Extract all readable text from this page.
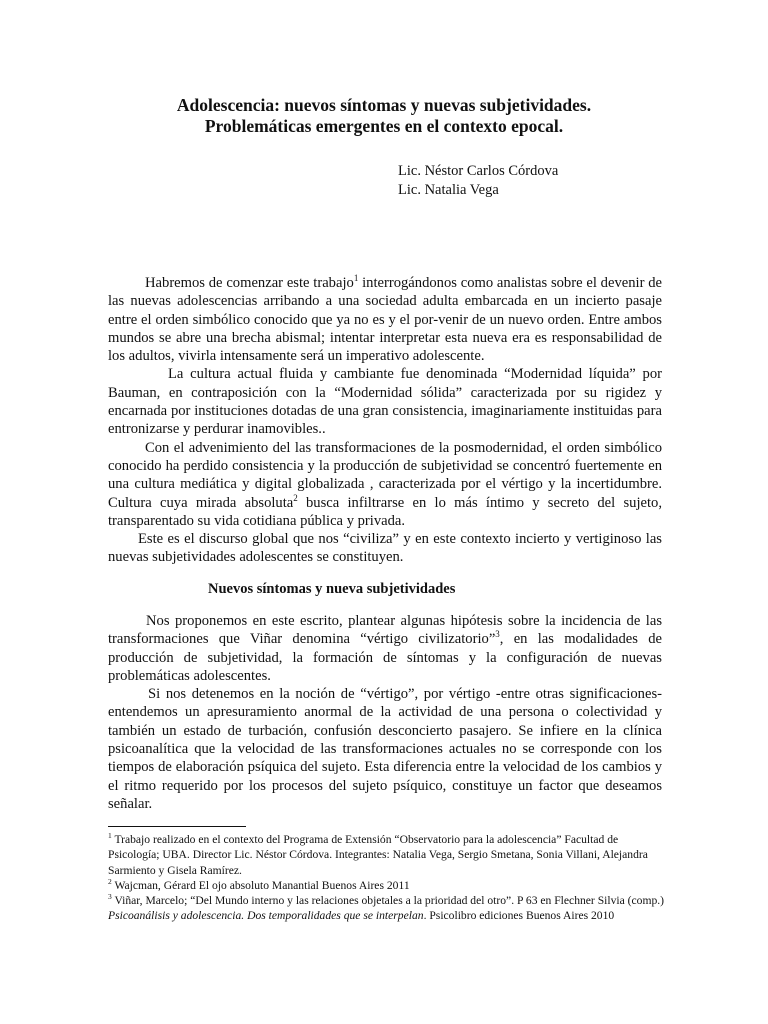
Adolescencia: nuevos síntomas y nuevas subjetividades.
Problemáticas emergentes en el contexto epocal.
Lic. Néstor Carlos Córdova
Lic. Natalia Vega

Habremos de comenzar este trabajo$^1$ interrogándonos como analistas sobre el devenir de las nuevas adolescencias arribando a una sociedad adulta embarcada en un incierto pasaje entre el orden simbólico conocido que ya no es y el por-venir de un nuevo orden. Entre ambos mundos se abre una brecha abismal; intentar interpretar esta nueva era es responsabilidad de los adultos, vivirla intensamente será un imperativo adolescente.

La cultura actual fluida y cambiante fue denominada “Modernidad líquida” por Bauman, en contraposición con la “Modernidad sólida” caracterizada por su rigidez y encarnada por instituciones dotadas de una gran consistencia, imaginariamente instituidas para entronizarse y perdurar inamovibles..

Con el advenimiento del las transformaciones de la posmodernidad, el orden simbólico conocido ha perdido consistencia y la producción de subjetividad se concentró fuertemente en una cultura mediática y digital globalizada , caracterizada por el vértigo y la incertidumbre. Cultura cuya mirada absoluta$^2$ busca infiltrarse en lo más íntimo y secreto del sujeto, transparentado su vida cotidiana pública y privada.

Este es el discurso global que nos “civiliza” y en este contexto incierto y vertiginoso las nuevas subjetividades adolescentes se constituyen.

Nuevos síntomas y nueva subjetividades

Nos proponemos en este escrito, plantear algunas hipótesis sobre la incidencia de las transformaciones que Viñar denomina “vértigo civilizatorio”$^3$, en las modalidades de producción de subjetividad, la formación de síntomas y la configuración de nuevas problemáticas adolescentes.

Si nos detenemos en la noción de “vértigo”, por vértigo -entre otras significaciones- entendemos un apresuramiento anormal de la actividad de una persona o colectividad y también un estado de turbación, confusión desconcierto pasajero. Se infiere en la clínica psicoanalítica que la velocidad de las transformaciones actuales no se corresponde con los tiempos de elaboración psíquica del sujeto. Esta diferencia entre la velocidad de los cambios y el ritmo requerido por los procesos del sujeto psíquico, constituye un factor que deseamos señalar.

$^1$ Trabajo realizado en el contexto del Programa de Extensión “Observatorio para la adolescencia” Facultad de Psicología; UBA. Director Lic. Néstor Córdova. Integrantes: Natalia Vega, Sergio Smetana, Sonia Villani, Alejandra Sarmiento y Gisela Ramírez.

$^2$ Wajcman, Gérard El ojo absoluto Manantial Buenos Aires 2011

$^3$ Viñar, Marcelo; “Del Mundo interno y las relaciones objetales a la prioridad del otro”. P 63 en Flechner Silvia (comp.) Psicoanálisis y adolescencia. Dos temporalidades que se interpelan. Psicolibro ediciones Buenos Aires 2010
